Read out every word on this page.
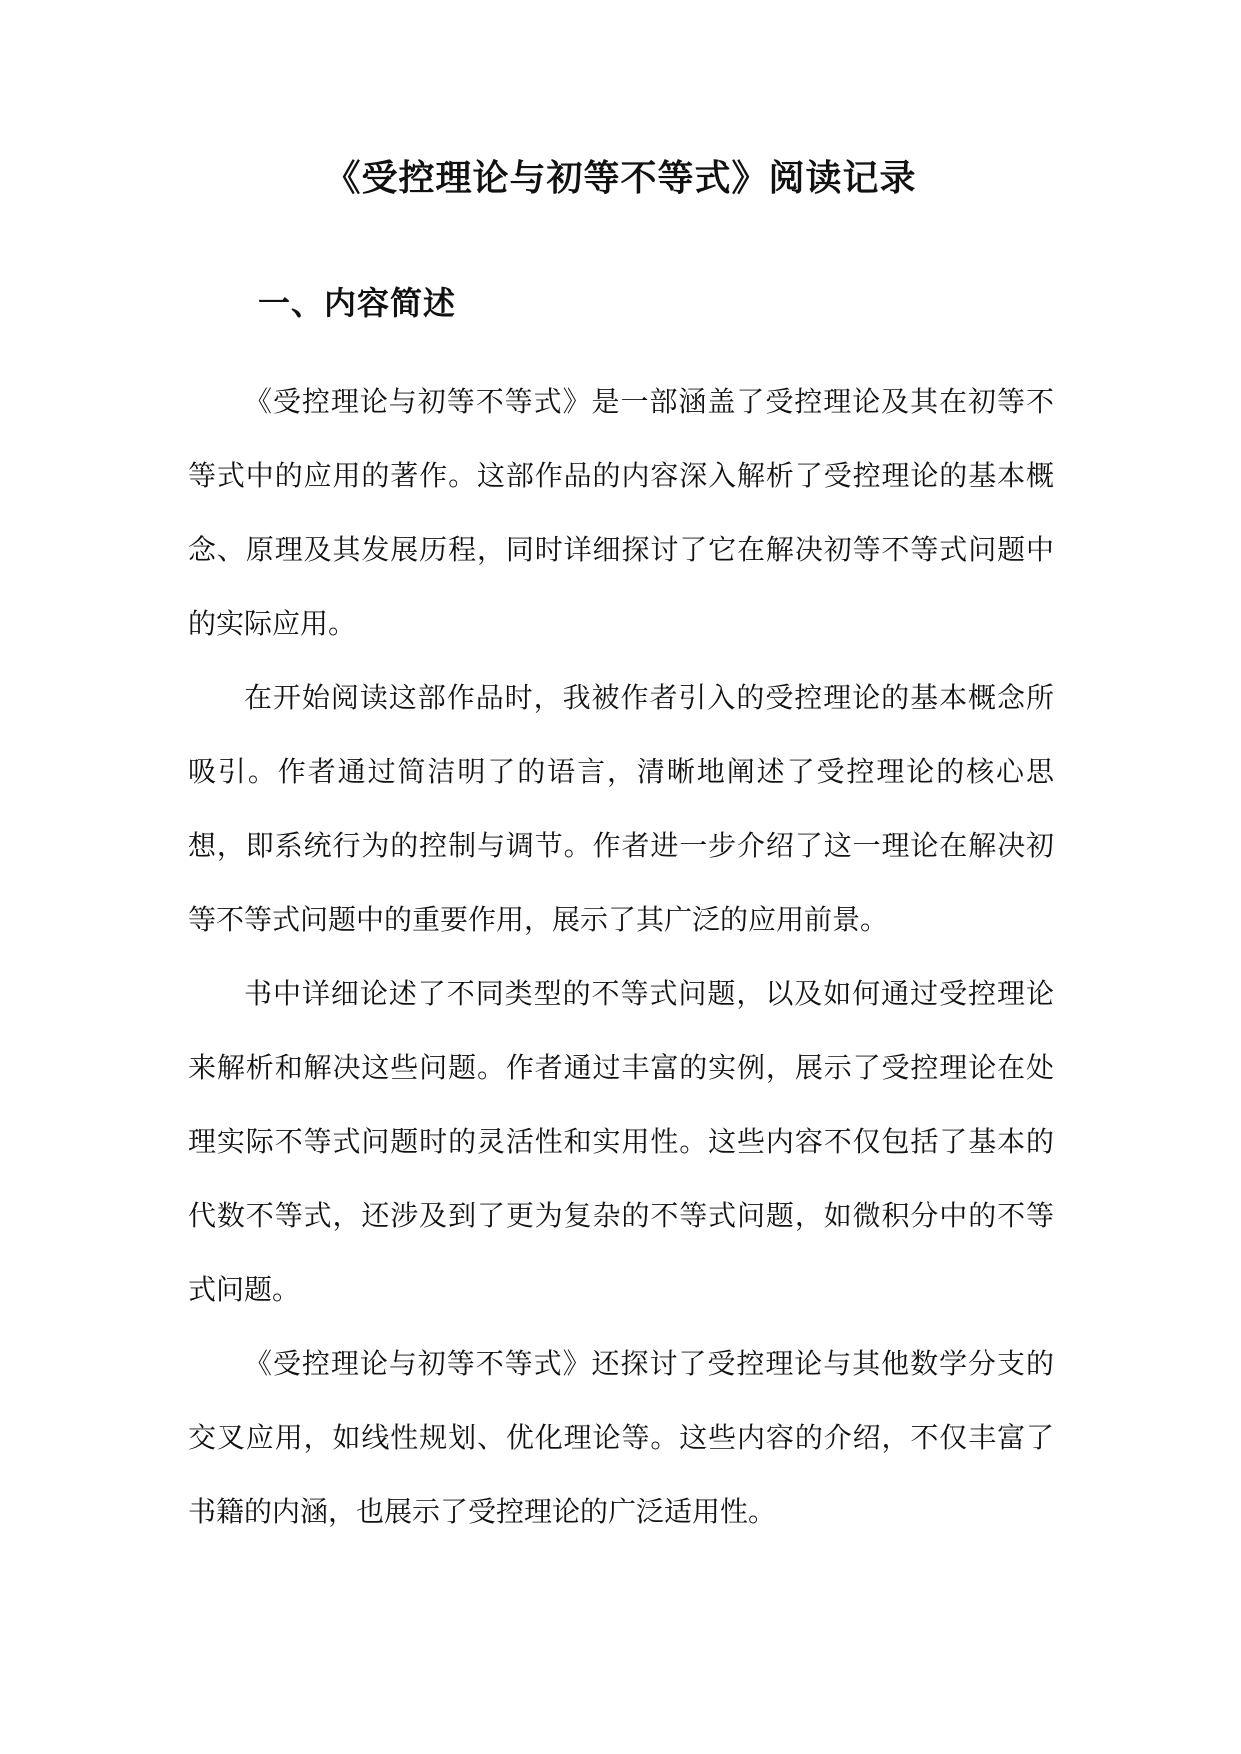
《受控理论与初等不等式》阅读记录
一、内容简述

《受控理论与初等不等式》是一部涵盖了受控理论及其在初等不等式中的应用的著作。这部作品的内容深入解析了受控理论的基本概念、原理及其发展历程，同时详细探讨了它在解决初等不等式问题中的实际应用。

在开始阅读这部作品时，我被作者引入的受控理论的基本概念所吸引。作者通过简洁明了的语言，清晰地阐述了受控理论的核心思想，即系统行为的控制与调节。作者进一步介绍了这一理论在解决初等不等式问题中的重要作用，展示了其广泛的应用前景。

书中详细论述了不同类型的不等式问题，以及如何通过受控理论来解析和解决这些问题。作者通过丰富的实例，展示了受控理论在处理实际不等式问题时的灵活性和实用性。这些内容不仅包括了基本的代数不等式，还涉及到了更为复杂的不等式问题，如微积分中的不等式问题。

《受控理论与初等不等式》还探讨了受控理论与其他数学分支的交叉应用，如线性规划、优化理论等。这些内容的介绍，不仅丰富了书籍的内涵，也展示了受控理论的广泛适用性。
